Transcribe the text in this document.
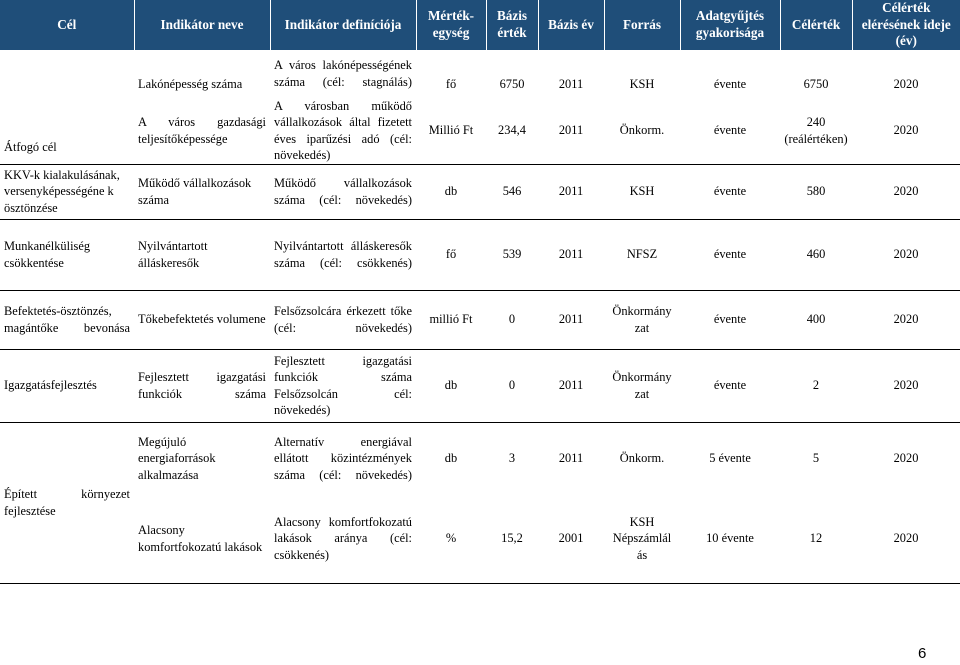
Cél	Indikátor neve	Indikátor definíciója	Mérték-egység	Bázis érték	Bázis év	Forrás	Adatgyűjtés gyakorisága	Célérték	Célérték elérésének ideje (év)
Átfogó cél	Lakónépesség száma	A város lakónépességének száma (cél: stagnálás)	fő	6750	2011	KSH	évente	6750	2020
	A város gazdasági teljesítőképessége	A városban működő vállalkozások által fizetett éves iparűzési adó (cél: növekedés)	Millió Ft	234,4	2011	Önkorm.	évente	240 (reálértéken)	2020
KKV-k kialakulásának, versenyképességéne k ösztönzése	Működő vállalkozások száma	Működő vállalkozások száma (cél: növekedés)	db	546	2011	KSH	évente	580	2020
Munkanélküliség csökkentése	Nyilvántartott álláskeresők	Nyilvántartott álláskeresők száma (cél: csökkenés)	fő	539	2011	NFSZ	évente	460	2020
Befektetés-ösztönzés, magántőke bevonása	Tőkebefektetés volumene	Felsőzsolcára érkezett tőke (cél: növekedés)	millió Ft	0	2011	Önkormány zat	évente	400	2020
Igazgatásfejlesztés	Fejlesztett igazgatási funkciók száma	Fejlesztett igazgatási funkciók száma Felsőzsolcán cél: növekedés)	db	0	2011	Önkormány zat	évente	2	2020
Épített környezet fejlesztése	Megújuló energiaforrások alkalmazása	Alternatív energiával ellátott közintézmények száma (cél: növekedés)	db	3	2011	Önkorm.	5 évente	5	2020
	Alacsony komfortfokozatú lakások	Alacsony komfortfokozatú lakások aránya (cél: csökkenés)	%	15,2	2001	KSH Népszámlál ás	10 évente	12	2020

6
